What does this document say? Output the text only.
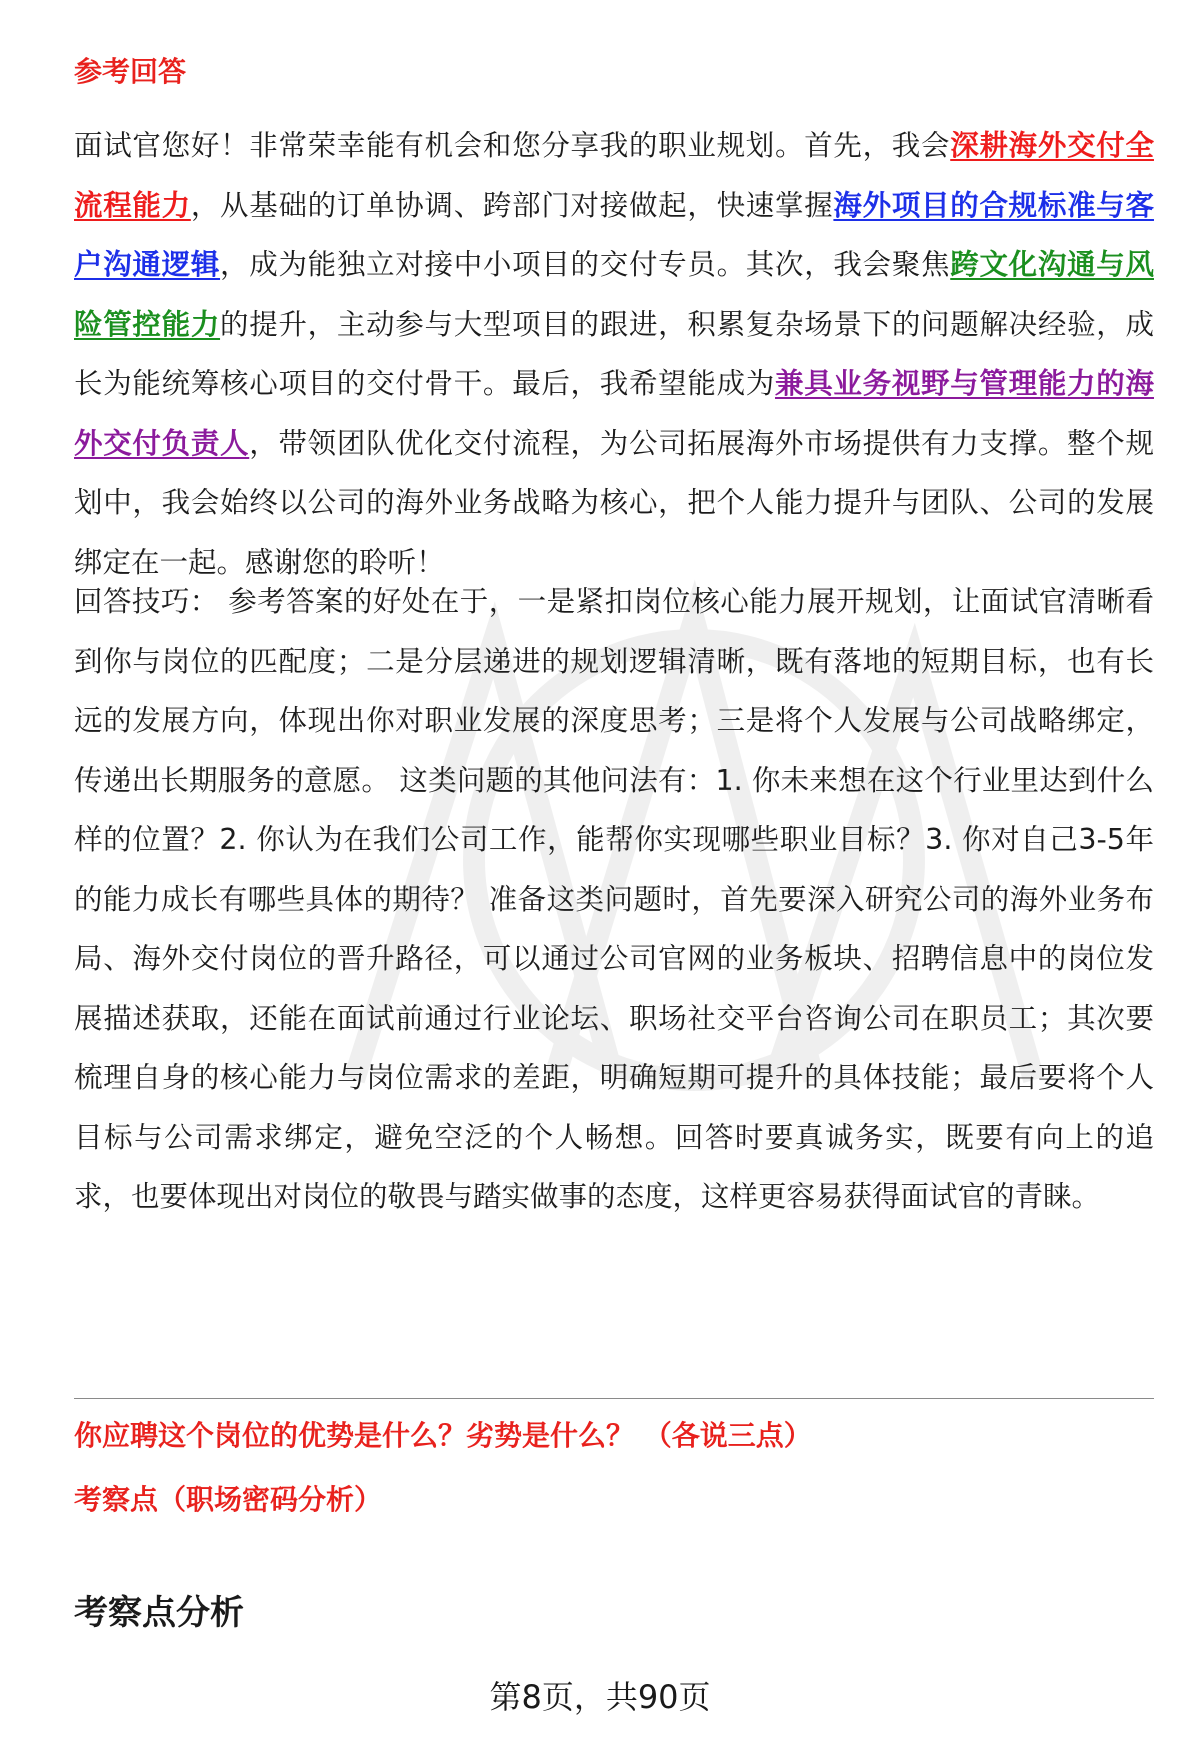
参考回答
面试官您好！非常荣幸能有机会和您分享我的职业规划。首先，我会深耕海外交付全流程能力，从基础的订单协调、跨部门对接做起，快速掌握海外项目的合规标准与客户沟通逻辑，成为能独立对接中小项目的交付专员。其次，我会聚焦跨文化沟通与风险管控能力的提升，主动参与大型项目的跟进，积累复杂场景下的问题解决经验，成长为能统筹核心项目的交付骨干。最后，我希望能成为兼具业务视野与管理能力的海外交付负责人，带领团队优化交付流程，为公司拓展海外市场提供有力支撑。整个规划中，我会始终以公司的海外业务战略为核心，把个人能力提升与团队、公司的发展绑定在一起。感谢您的聆听！
回答技巧： 参考答案的好处在于，一是紧扣岗位核心能力展开规划，让面试官清晰看到你与岗位的匹配度；二是分层递进的规划逻辑清晰，既有落地的短期目标，也有长远的发展方向，体现出你对职业发展的深度思考；三是将个人发展与公司战略绑定，传递出长期服务的意愿。 这类问题的其他问法有：1. 你未来想在这个行业里达到什么样的位置？2. 你认为在我们公司工作，能帮你实现哪些职业目标？3. 你对自己3-5年的能力成长有哪些具体的期待？ 准备这类问题时，首先要深入研究公司的海外业务布局、海外交付岗位的晋升路径，可以通过公司官网的业务板块、招聘信息中的岗位发展描述获取，还能在面试前通过行业论坛、职场社交平台咨询公司在职员工；其次要梳理自身的核心能力与岗位需求的差距，明确短期可提升的具体技能；最后要将个人目标与公司需求绑定，避免空泛的个人畅想。回答时要真诚务实，既要有向上的追求，也要体现出对岗位的敬畏与踏实做事的态度，这样更容易获得面试官的青睐。
你应聘这个岗位的优势是什么？劣势是什么？ （各说三点）
考察点（职场密码分析）
考察点分析
第8页，共90页
